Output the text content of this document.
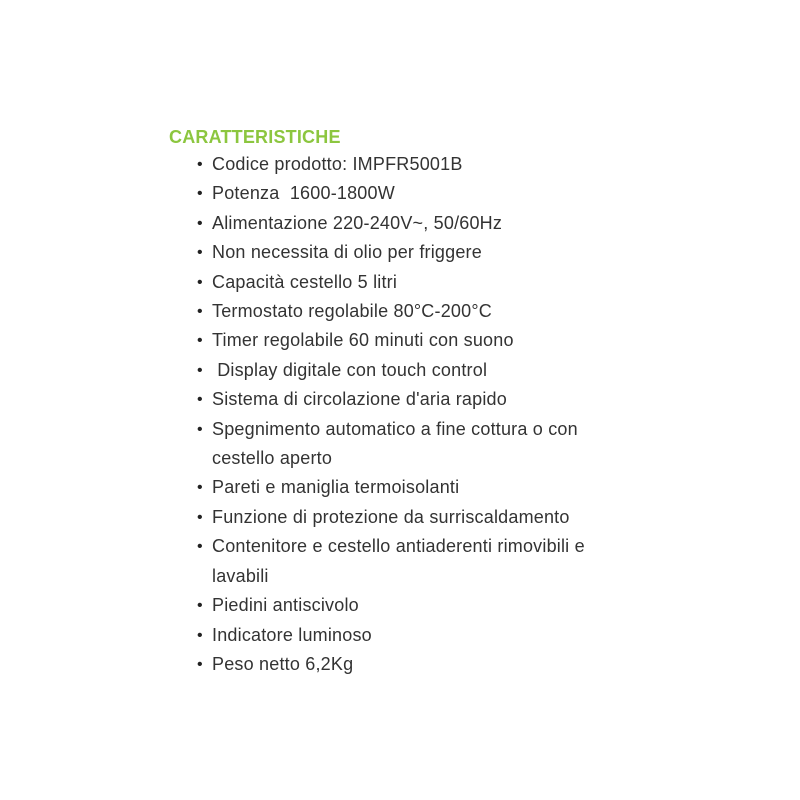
CARATTERISTICHE
• Codice prodotto: IMPFR5001B
• Potenza  1600-1800W
• Alimentazione 220-240V~, 50/60Hz
• Non necessita di olio per friggere
• Capacità cestello 5 litri
• Termostato regolabile 80°C-200°C
• Timer regolabile 60 minuti con suono
• Display digitale con touch control
• Sistema di circolazione d'aria rapido
• Spegnimento automatico a fine cottura o con cestello aperto
• Pareti e maniglia termoisolanti
• Funzione di protezione da surriscaldamento
• Contenitore e cestello antiaderenti rimovibili e lavabili
• Piedini antiscivolo
• Indicatore luminoso
• Peso netto 6,2Kg
